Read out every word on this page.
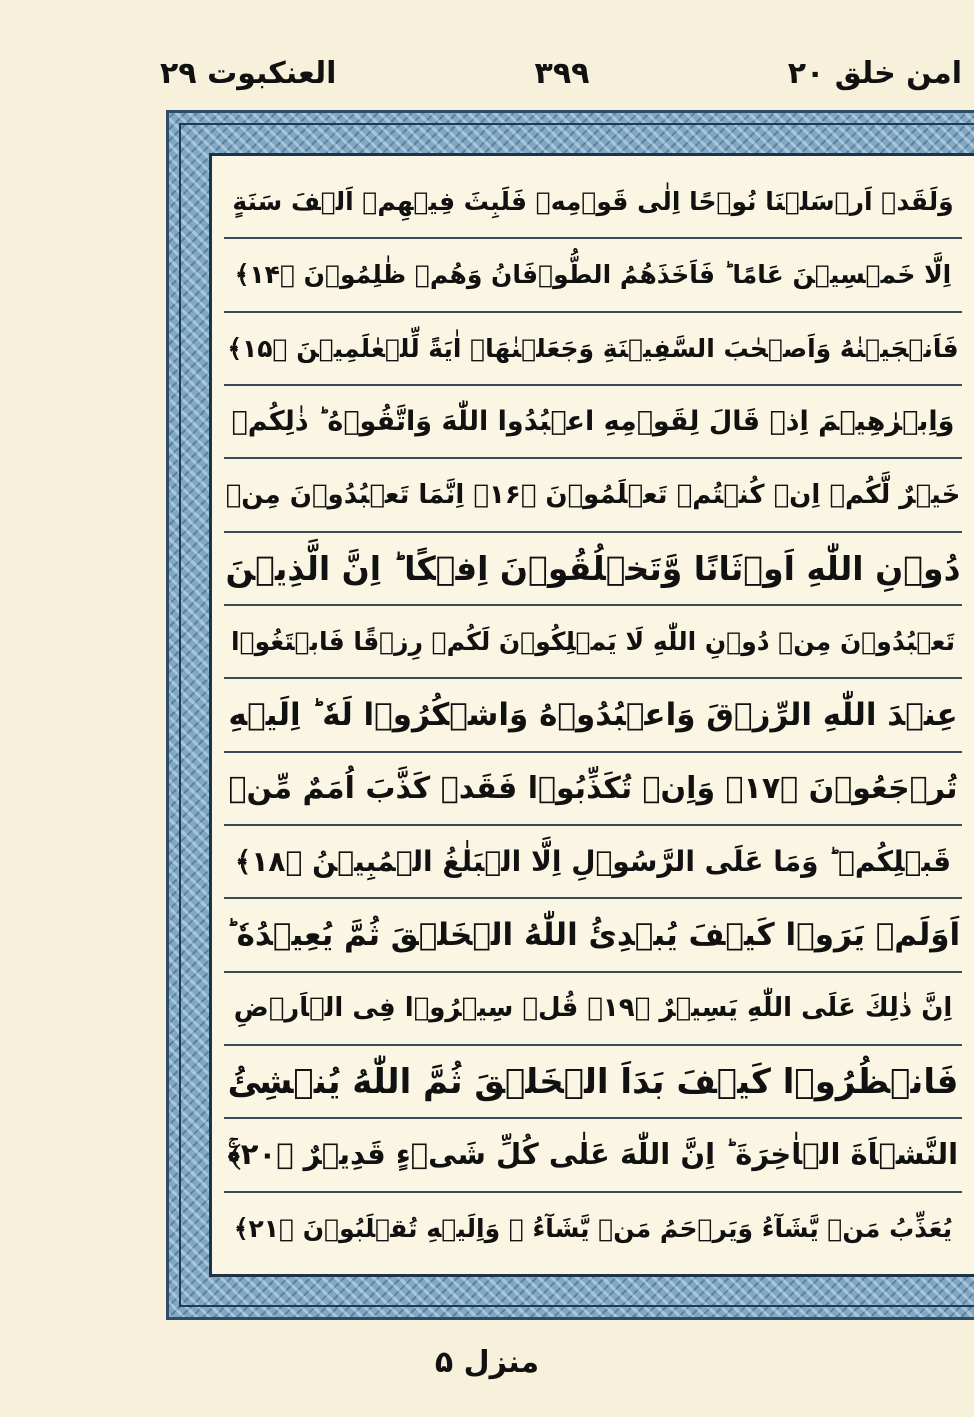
امن خلق ۲۰
۳۹۹
العنکبوت ۲۹
وَلَقَدۡ اَرۡسَلۡنَا نُوۡحًا اِلٰی قَوۡمِهٖ فَلَبِثَ فِیۡهِمۡ اَلۡفَ سَنَةٍ
اِلَّا خَمۡسِیۡنَ عَامًا ؕ فَاَخَذَهُمُ الطُّوۡفَانُ وَهُمۡ ظٰلِمُوۡنَ ﴿۱۴﴾
فَاَنۡجَیۡنٰهُ وَاَصۡحٰبَ السَّفِیۡنَةِ وَجَعَلۡنٰهَاۤ اٰیَةً لِّلۡعٰلَمِیۡنَ ﴿۱۵﴾
وَاِبۡرٰهِیۡمَ اِذۡ قَالَ لِقَوۡمِهِ اعۡبُدُوا اللّٰهَ وَاتَّقُوۡهُ ؕ ذٰلِكُمۡ
خَیۡرٌ لَّكُمۡ اِنۡ كُنۡتُمۡ تَعۡلَمُوۡنَ ﴿۱۶﴾ اِنَّمَا تَعۡبُدُوۡنَ مِنۡ
دُوۡنِ اللّٰهِ اَوۡثَانًا وَّتَخۡلُقُوۡنَ اِفۡكًا ؕ اِنَّ الَّذِیۡنَ
تَعۡبُدُوۡنَ مِنۡ دُوۡنِ اللّٰهِ لَا یَمۡلِكُوۡنَ لَكُمۡ رِزۡقًا فَابۡتَغُوۡا
عِنۡدَ اللّٰهِ الرِّزۡقَ وَاعۡبُدُوۡهُ وَاشۡكُرُوۡا لَهٗ ؕ اِلَیۡهِ
تُرۡجَعُوۡنَ ﴿۱۷﴾ وَاِنۡ تُكَذِّبُوۡا فَقَدۡ كَذَّبَ اُمَمٌ مِّنۡ
قَبۡلِكُمۡ ؕ وَمَا عَلَی الرَّسُوۡلِ اِلَّا الۡبَلٰغُ الۡمُبِیۡنُ ﴿۱۸﴾
اَوَلَمۡ یَرَوۡا كَیۡفَ یُبۡدِئُ اللّٰهُ الۡخَلۡقَ ثُمَّ یُعِیۡدُهٗ ؕ
اِنَّ ذٰلِكَ عَلَی اللّٰهِ یَسِیۡرٌ ﴿۱۹﴾ قُلۡ سِیۡرُوۡا فِی الۡاَرۡضِ
فَانۡظُرُوۡا كَیۡفَ بَدَاَ الۡخَلۡقَ ثُمَّ اللّٰهُ یُنۡشِئُ
النَّشۡاَةَ الۡاٰخِرَةَ ؕ اِنَّ اللّٰهَ عَلٰی كُلِّ شَیۡءٍ قَدِیۡرٌ ﴿۲۰﴾ۚ
یُعَذِّبُ مَنۡ یَّشَآءُ وَیَرۡحَمُ مَنۡ یَّشَآءُ ۚ وَاِلَیۡهِ تُقۡلَبُوۡنَ ﴿۲۱﴾
منزل ۵
